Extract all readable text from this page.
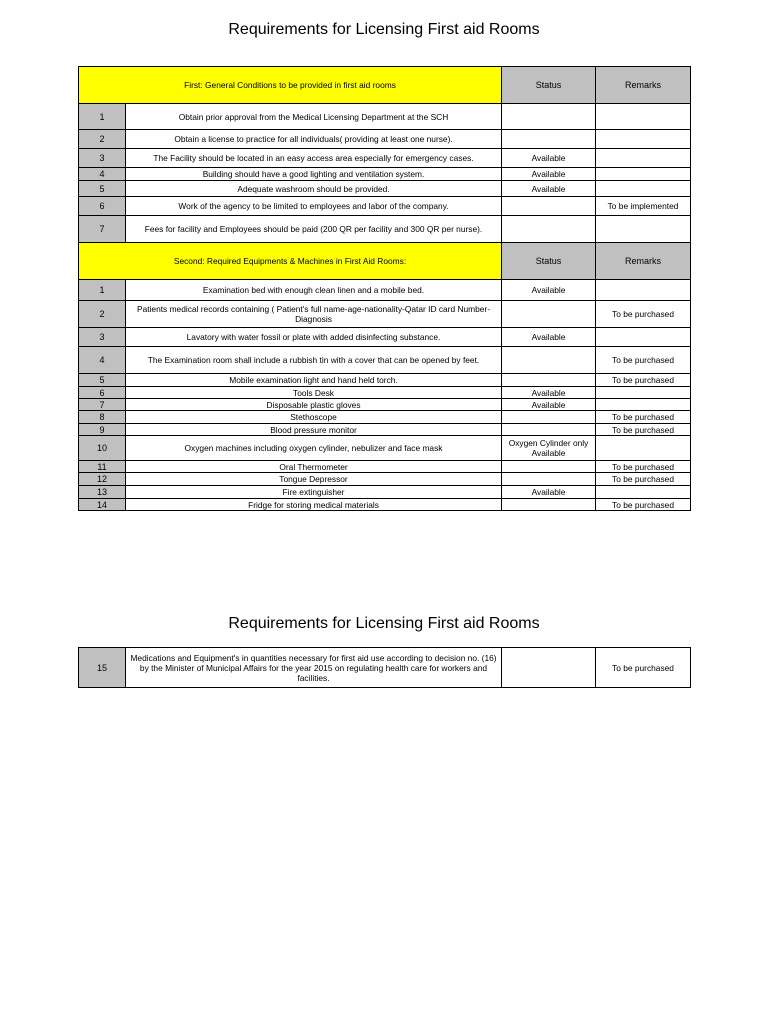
Requirements for Licensing First aid Rooms
First: General Conditions to be provided in first aid rooms		Status	Remarks
1	Obtain prior approval from the Medical Licensing Department at the SCH		
2	Obtain a license to practice for all individuals( providing at least one nurse).		
3	The Facility should be located in an easy access area especially for emergency cases.	Available	
4	Building should have a good lighting and ventilation system.	Available	
5	Adequate washroom should be provided.	Available	
6	Work of the agency to be limited to employees and labor of the company.		To be implemented
7	Fees for facility and Employees should be paid (200 QR per facility and 300 QR per nurse).		
Second: Required Equipments & Machines in First Aid Rooms:		Status	Remarks
1	Examination bed with enough clean linen and a mobile bed.	Available	
2	Patients medical records containing ( Patient's full name-age-nationality-Qatar ID card Number-Diagnosis		To be purchased
3	Lavatory with water fossil or plate with added disinfecting substance.	Available	
4	The Examination room shall include a rubbish tin with a cover that can be opened by feet.		To be purchased
5	Mobile examination light and hand held torch.		To be purchased
6	Tools Desk	Available	
7	Disposable plastic gloves	Available	
8	Stethoscope		To be purchased
9	Blood pressure monitor		To be purchased
10	Oxygen machines including oxygen cylinder, nebulizer and face mask	Oxygen Cylinder only Available	
11	Oral Thermometer		To be purchased
12	Tongue Depressor		To be purchased
13	Fire extinguisher	Available	
14	Fridge for storing medical materials		To be purchased
Requirements for Licensing First aid Rooms
15	Medications and Equipment's in quantities necessary for first aid use according to decision no. (16) by the Minister of Municipal Affairs for the year 2015 on regulating health care for workers and facilities.		To be purchased
